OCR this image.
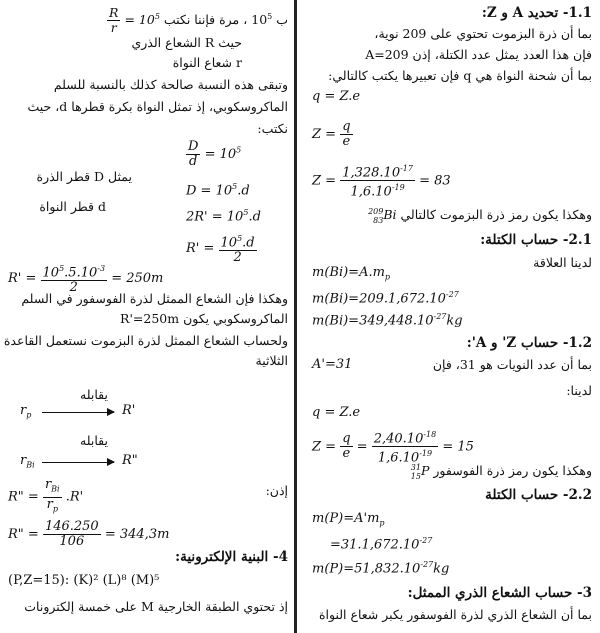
1.1- تحديد A و Z:
بما أن ذرة البزموت تحتوي على 209 نوية،
فإن هذا العدد يمثل عدد الكتلة، إذن A=209
بما أن شحنة النواة هي q فإن تعبيرها يكتب كالتالي:
q = Z.e
$Z = \frac{q}{e}$
$Z = \frac{1,328.10^{-17}}{1,6.10^{-19}} = 83$
وهكذا يكون رمز ذرة البزموت كالتالي
209
83 Bi
2.1- حساب الكتلة:
لدينا العلاقة
$m(Bi)=A.m_p$
$m(Bi)=209.1,672.10^{-27}$
$m(Bi)=349,448.10^{-27}kg$
1.2- حساب Z' و A':
بما أن عدد النويات هو 31، فإن
A'=31
لدينا:
q = Z.e
$Z = \frac{q}{e} = \frac{2,40.10^{-18}}{1,6.10^{-19}} = 15$
وهكذا يكون رمز ذرة الفوسفور
31
15 P
2.2- حساب الكتلة
$m(P)=A'm_p$
$=31.1,672.10^{-27}$
$m(P)=51,832.10^{-27}kg$
3- حساب الشعاع الذري الممثل:
بما أن الشعاع الذري لذرة الفوسفور يكبر شعاع النواة
ب $10^5$ ، مرة فإننا نكتب
$\frac{R}{r} = 10^5$
حيث R الشعاع الذري
r شعاع النواة
وتبقى هذه النسبة صالحة كذلك بالنسبة للسلم
الماكروسكوبي، إذ تمثل النواة بكرة قطرها d، حيث
نكتب:
$\frac{D}{d} = 10^5$
يمثل D قطر الذرة
d قطر النواة
$D = 10^5.d$
$2R' = 10^5.d$
$R' = \frac{10^5.d}{2}$
$R' = \frac{10^5.5.10^{-3}}{2} = 250m$
وهكذا فإن الشعاع الممثل لذرة الفوسفور في السلم
الماكروسكوبي يكون R'=250m
ولحساب الشعاع الممثل لذرة البزموت نستعمل القاعدة
الثلاثية
يقابله
$r_p$	R'
يقابله
$r_{Bi}$	R"
إذن:
R" = $\frac{r_{Bi}}{r_p} .R'$
R" = $\frac{146.250}{106} = 344,3m$
4- البنية الإلكترونية:
(P,Z=15): (K)² (L)⁸ (M)⁵
إذ تحتوي الطبقة الخارجية M على خمسة إلكترونات
